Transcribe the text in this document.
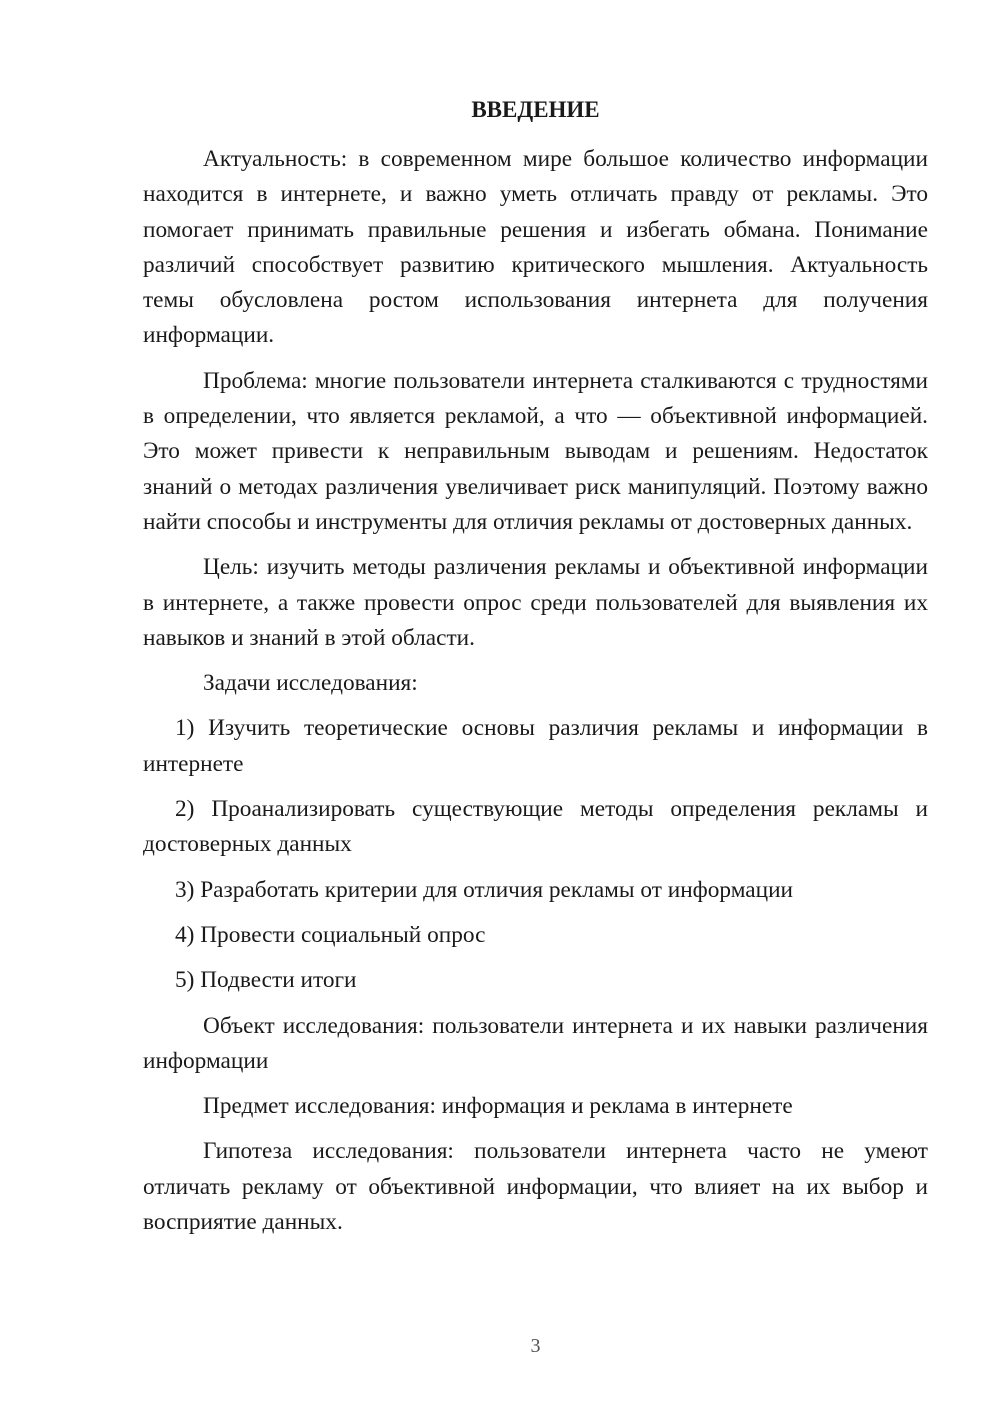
ВВЕДЕНИЕ

Актуальность: в современном мире большое количество информации находится в интернете, и важно уметь отличать правду от рекламы. Это помогает принимать правильные решения и избегать обмана. Понимание различий способствует развитию критического мышления. Актуальность темы обусловлена ростом использования интернета для получения информации.

Проблема: многие пользователи интернета сталкиваются с трудностями в определении, что является рекламой, а что — объективной информацией. Это может привести к неправильным выводам и решениям. Недостаток знаний о методах различения увеличивает риск манипуляций. Поэтому важно найти способы и инструменты для отличия рекламы от достоверных данных.

Цель: изучить методы различения рекламы и объективной информации в интернете, а также провести опрос среди пользователей для выявления их навыков и знаний в этой области.

Задачи исследования:

1) Изучить теоретические основы различия рекламы и информации в интернете

2) Проанализировать существующие методы определения рекламы и достоверных данных

3) Разработать критерии для отличия рекламы от информации

4) Провести социальный опрос

5) Подвести итоги

Объект исследования: пользователи интернета и их навыки различения информации

Предмет исследования: информация и реклама в интернете

Гипотеза исследования: пользователи интернета часто не умеют отличать рекламу от объективной информации, что влияет на их выбор и восприятие данных.

3
